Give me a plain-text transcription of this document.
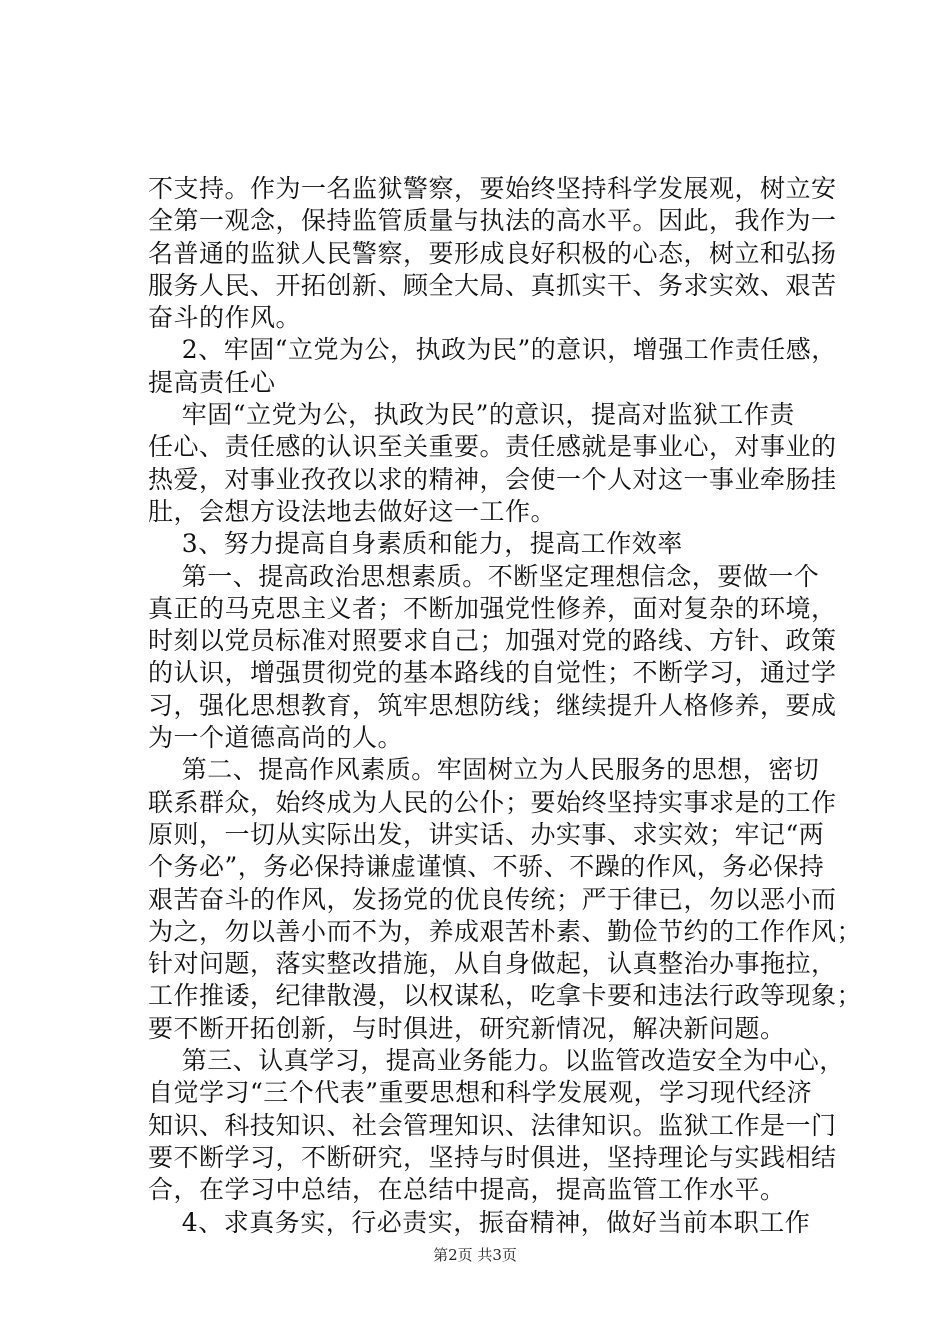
不支持。作为一名监狱警察，要始终坚持科学发展观，树立安
全第一观念，保持监管质量与执法的高水平。因此，我作为一
名普通的监狱人民警察，要形成良好积极的心态，树立和弘扬
服务人民、开拓创新、顾全大局、真抓实干、务求实效、艰苦
奋斗的作风。
2、牢固“立党为公，执政为民”的意识，增强工作责任感，
提高责任心
牢固“立党为公，执政为民”的意识，提高对监狱工作责
任心、责任感的认识至关重要。责任感就是事业心，对事业的
热爱，对事业孜孜以求的精神，会使一个人对这一事业牵肠挂
肚，会想方设法地去做好这一工作。
3、努力提高自身素质和能力，提高工作效率
第一、提高政治思想素质。不断坚定理想信念，要做一个
真正的马克思主义者；不断加强党性修养，面对复杂的环境，
时刻以党员标准对照要求自己；加强对党的路线、方针、政策
的认识，增强贯彻党的基本路线的自觉性；不断学习，通过学
习，强化思想教育，筑牢思想防线；继续提升人格修养，要成
为一个道德高尚的人。
第二、提高作风素质。牢固树立为人民服务的思想，密切
联系群众，始终成为人民的公仆；要始终坚持实事求是的工作
原则，一切从实际出发，讲实话、办实事、求实效；牢记“两
个务必”，务必保持谦虚谨慎、不骄、不躁的作风，务必保持
艰苦奋斗的作风，发扬党的优良传统；严于律已，勿以恶小而
为之，勿以善小而不为，养成艰苦朴素、勤俭节约的工作作风；
针对问题，落实整改措施，从自身做起，认真整治办事拖拉，
工作推诿，纪律散漫，以权谋私，吃拿卡要和违法行政等现象；
要不断开拓创新，与时俱进，研究新情况，解决新问题。
第三、认真学习，提高业务能力。以监管改造安全为中心，
自觉学习“三个代表”重要思想和科学发展观，学习现代经济
知识、科技知识、社会管理知识、法律知识。监狱工作是一门
要不断学习，不断研究，坚持与时俱进，坚持理论与实践相结
合，在学习中总结，在总结中提高，提高监管工作水平。
4、求真务实，行必责实，振奋精神，做好当前本职工作
第2页 共3页
